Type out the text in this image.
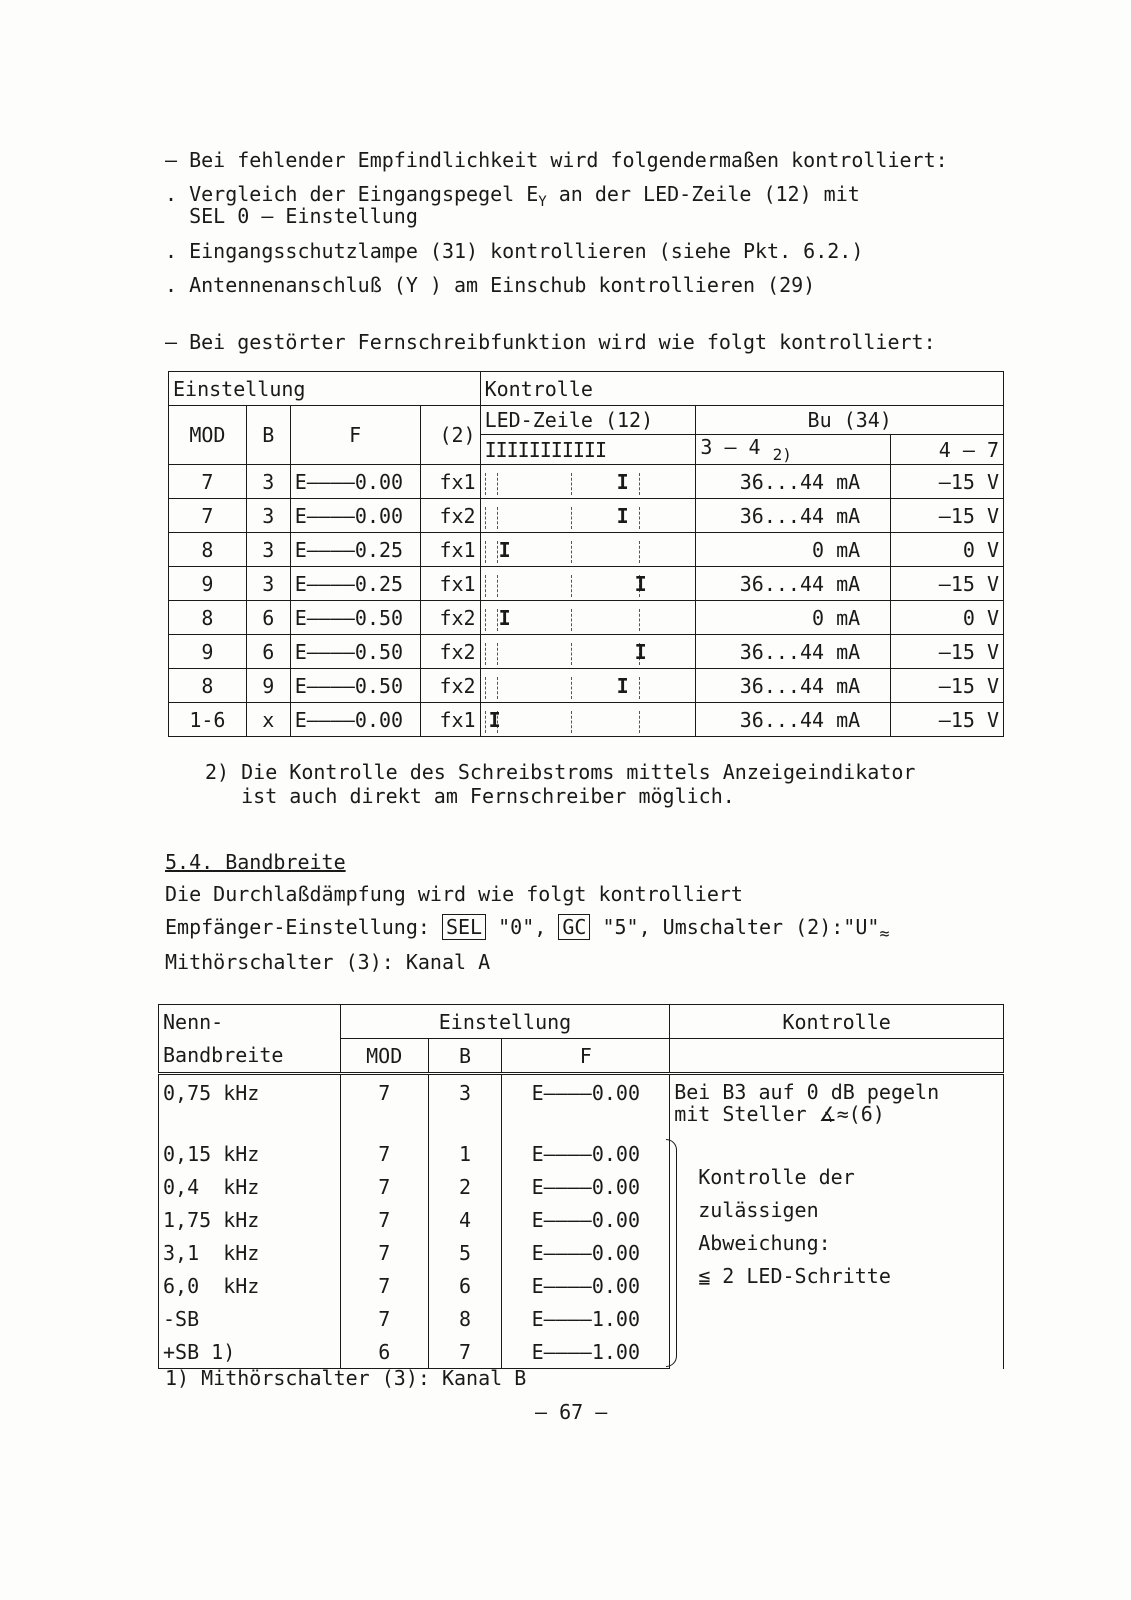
– Bei fehlender Empfindlichkeit wird folgendermaßen kontrolliert:
. Vergleich der Eingangspegel $E_Y$ an der LED-Zeile (12) mit
SEL 0 – Einstellung
. Eingangsschutzlampe (31) kontrollieren (siehe Pkt. 6.2.)
. Antennenanschluß (Y ) am Einschub kontrollieren (29)
– Bei gestörter Fernschreibfunktion wird wie folgt kontrolliert:
Einstellung				Kontrolle		
MOD	B	F	(2)	LED-Zeile (12)	Bu (34)	
				IIIIIIIIIII	3 – 4 $^{2)}$	4 – 7
7	3	E––––0.00	fx1	I	36...44 mA	–15 V
7	3	E––––0.00	fx2	I	36...44 mA	–15 V
8	3	E––––0.25	fx1	I	0 mA	0 V
9	3	E––––0.25	fx1	I	36...44 mA	–15 V
8	6	E––––0.50	fx2	I	0 mA	0 V
9	6	E––––0.50	fx2	I	36...44 mA	–15 V
8	9	E––––0.50	fx2	I	36...44 mA	–15 V
1-6	x	E––––0.00	fx1	I	36...44 mA	–15 V
2) Die Kontrolle des Schreibstroms mittels Anzeigeindikator
ist auch direkt am Fernschreiber möglich.
5.4. Bandbreite
Die Durchlaßdämpfung wird wie folgt kontrolliert
Empfänger-Einstellung: SEL "0", GC "5", Umschalter $(2):"U"_\approx$
Mithörschalter (3): Kanal A
Nenn-	Einstellung			Kontrolle
Bandbreite	MOD	B	F	
0,75 kHz	7	3	E––––0.00	Bei B3 auf 0 dB pegeln
mit Steller ∡≈(6)

0,15 kHz	7	1	E––––0.00	Kontrolle der
zulässigen
Abweichung:
≦ 2 LED-Schritte

0,4  kHz	7	2	E––––0.00	
1,75 kHz	7	4	E––––0.00	
3,1  kHz	7	5	E––––0.00	
6,0  kHz	7	6	E––––0.00	
-SB	7	8	E––––1.00	
+SB 1)	6	7	E––––1.00	
1) Mithörschalter (3): Kanal B
– 67 –
